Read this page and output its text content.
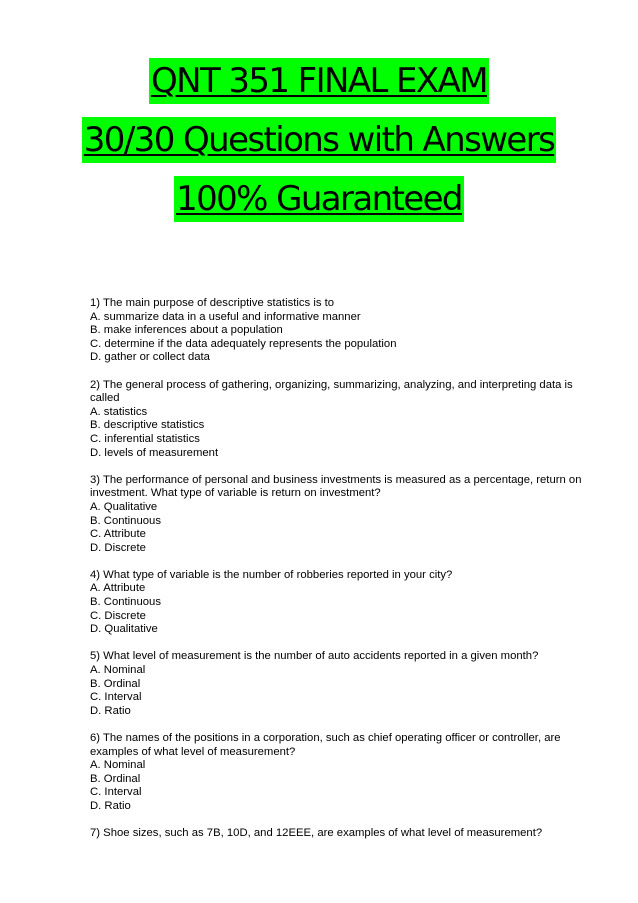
QNT 351 FINAL EXAM
30/30 Questions with Answers
100% Guaranteed
1) The main purpose of descriptive statistics is to
A. summarize data in a useful and informative manner
B. make inferences about a population
C. determine if the data adequately represents the population
D. gather or collect data
2) The general process of gathering, organizing, summarizing, analyzing, and interpreting data is called
A. statistics
B. descriptive statistics
C. inferential statistics
D. levels of measurement
3) The performance of personal and business investments is measured as a percentage, return on investment. What type of variable is return on investment?
A. Qualitative
B. Continuous
C. Attribute
D. Discrete
4) What type of variable is the number of robberies reported in your city?
A. Attribute
B. Continuous
C. Discrete
D. Qualitative
5) What level of measurement is the number of auto accidents reported in a given month?
A. Nominal
B. Ordinal
C. Interval
D. Ratio
6) The names of the positions in a corporation, such as chief operating officer or controller, are examples of what level of measurement?
A. Nominal
B. Ordinal
C. Interval
D. Ratio
7) Shoe sizes, such as 7B, 10D, and 12EEE, are examples of what level of measurement?
